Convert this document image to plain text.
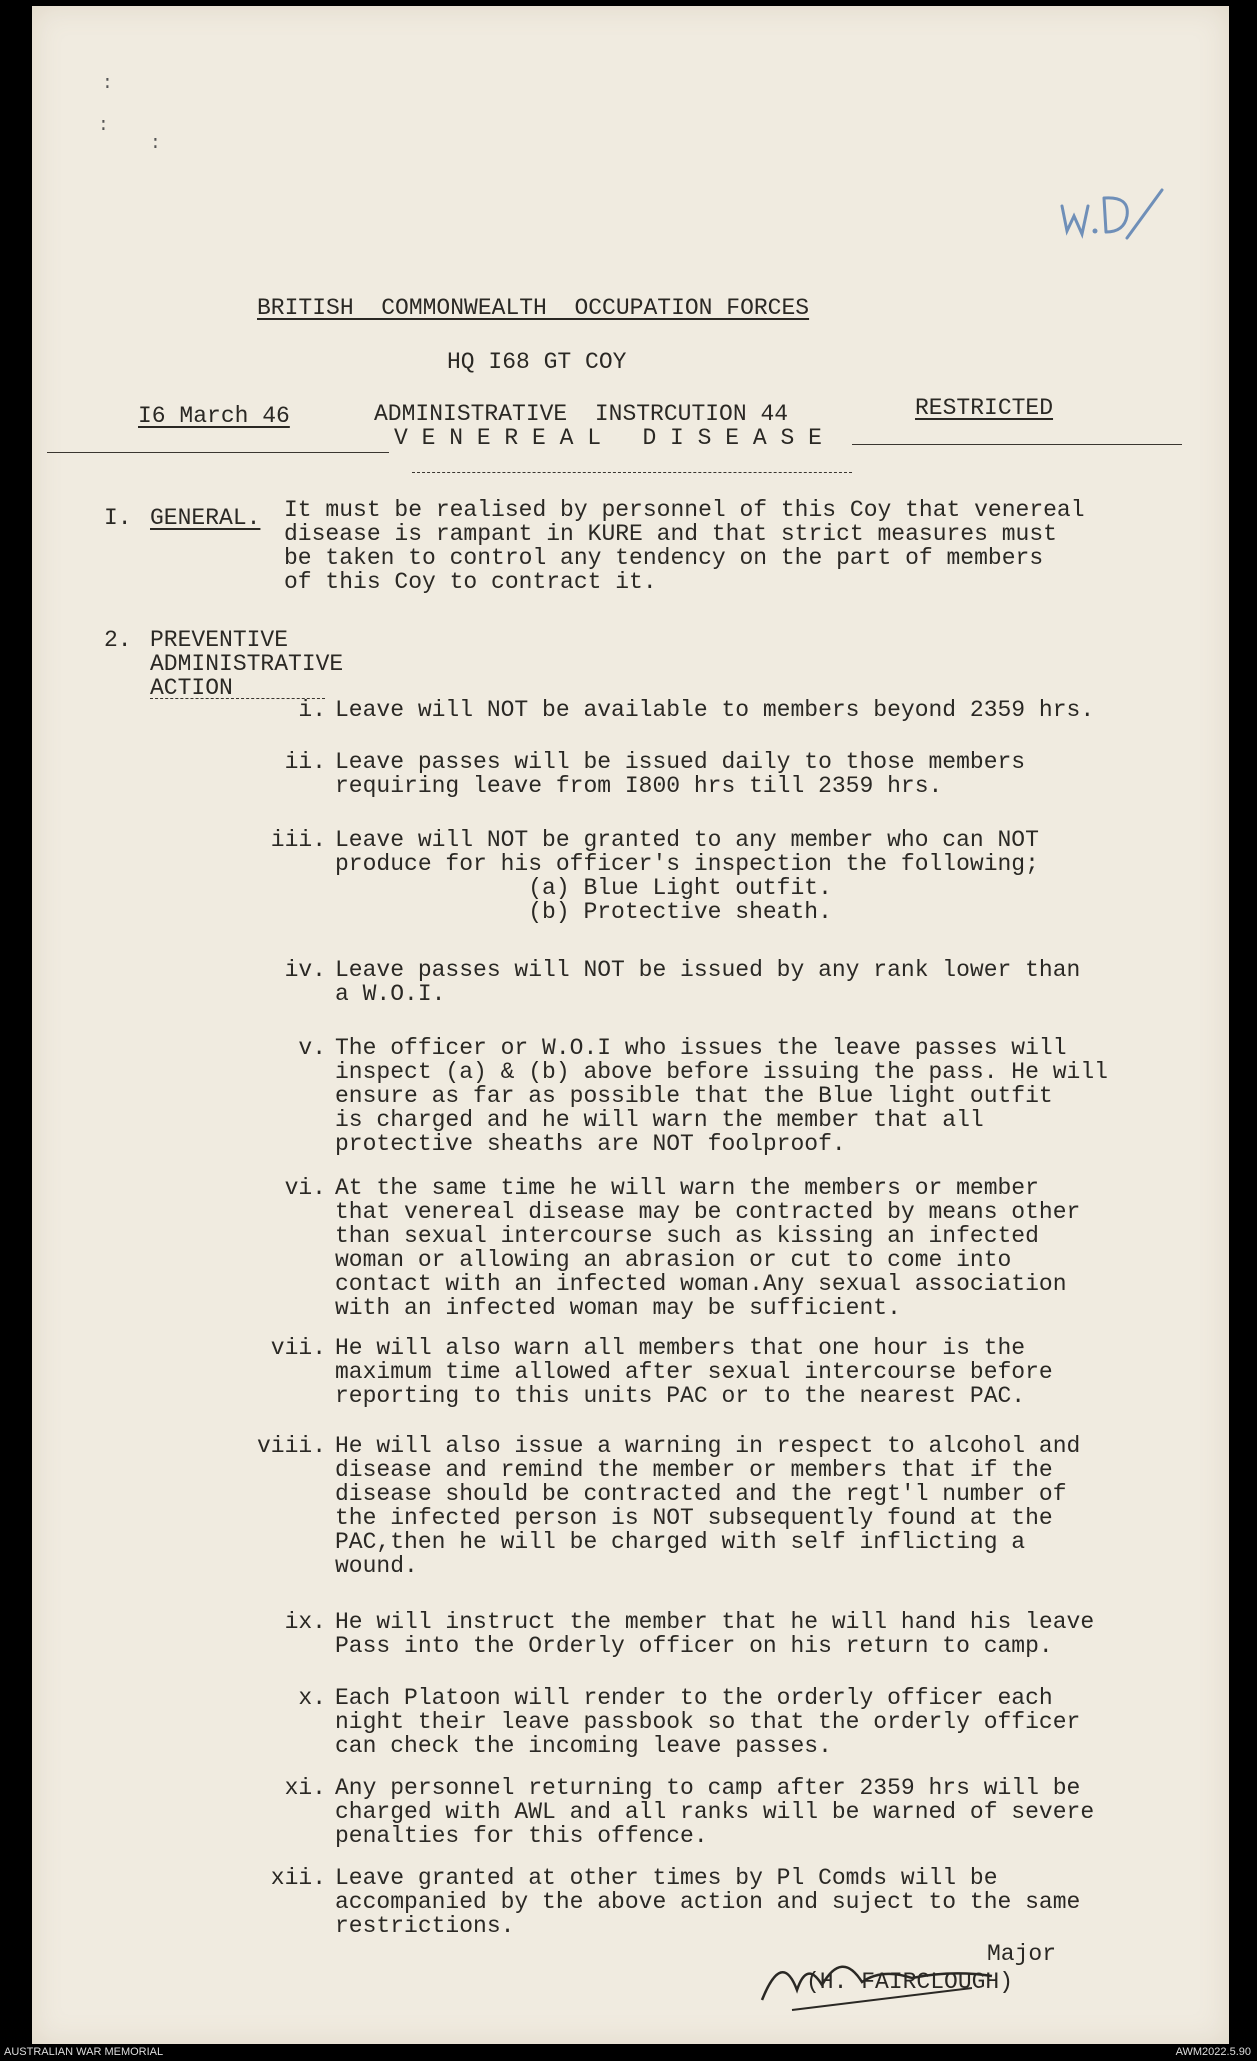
:
:
:
BRITISH  COMMONWEALTH  OCCUPATION FORCES
HQ I68 GT COY
I6 March 46	ADMINISTRATIVE  INSTRCUTION 44	RESTRICTED
V E N E R E A L   D I S E A S E
I. GENERAL. It must be realised by personnel of this Coy that venereal
disease is rampant in KURE and that strict measures must
be taken to control any tendency on the part of members
of this Coy to contract it.
2. PREVENTIVE
ADMINISTRATIVE
ACTION
i. Leave will NOT be available to members beyond 2359 hrs.
ii. Leave passes will be issued daily to those members
requiring leave from I800 hrs till 2359 hrs.
iii. Leave will NOT be granted to any member who can NOT
produce for his officer's inspection the following;
(a) Blue Light outfit.
(b) Protective sheath.
iv. Leave passes will NOT be issued by any rank lower than
a W.O.I.
v. The officer or W.O.I who issues the leave passes will
inspect (a) & (b) above before issuing the pass. He will
ensure as far as possible that the Blue light outfit
is charged and he will warn the member that all
protective sheaths are NOT foolproof.
vi. At the same time he will warn the members or member
that venereal disease may be contracted by means other
than sexual intercourse such as kissing an infected
woman or allowing an abrasion or cut to come into
contact with an infected woman.Any sexual association
with an infected woman may be sufficient.
vii. He will also warn all members that one hour is the
maximum time allowed after sexual intercourse before
reporting to this units PAC or to the nearest PAC.
viii. He will also issue a warning in respect to alcohol and
disease and remind the member or members that if the
disease should be contracted and the regt'l number of
the infected person is NOT subsequently found at the
PAC,then he will be charged with self inflicting a
wound.
ix. He will instruct the member that he will hand his leave
Pass into the Orderly officer on his return to camp.
x. Each Platoon will render to the orderly officer each
night their leave passbook so that the orderly officer
can check the incoming leave passes.
xi. Any personnel returning to camp after 2359 hrs will be
charged with AWL and all ranks will be warned of severe
penalties for this offence.
xii. Leave granted at other times by Pl Comds will be
accompanied by the above action and suject to the same
restrictions.
Major
(H. FAIRCLOUGH)
AUSTRALIAN WAR MEMORIAL	AWM2022.5.90
